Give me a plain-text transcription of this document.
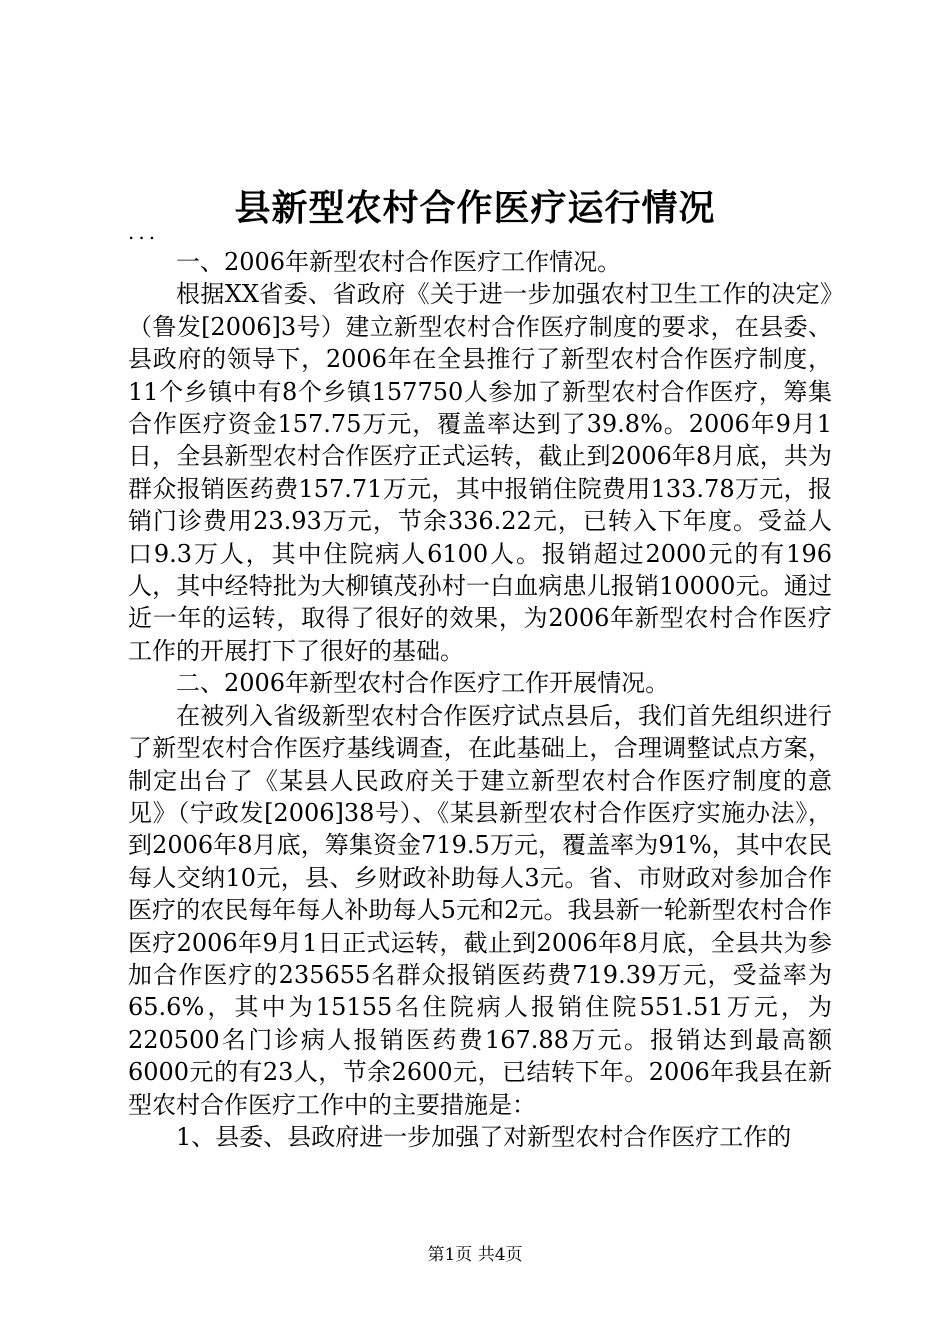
县新型农村合作医疗运行情况

...

一、2006年新型农村合作医疗工作情况。

根据XX省委、省政府《关于进一步加强农村卫生工作的决定》（鲁发[2006]3号）建立新型农村合作医疗制度的要求，在县委、县政府的领导下，2006年在全县推行了新型农村合作医疗制度，11个乡镇中有8个乡镇157750人参加了新型农村合作医疗，筹集合作医疗资金157.75万元，覆盖率达到了39.8%。2006年9月1日，全县新型农村合作医疗正式运转，截止到2006年8月底，共为群众报销医药费157.71万元，其中报销住院费用133.78万元，报销门诊费用23.93万元，节余336.22元，已转入下年度。受益人口9.3万人，其中住院病人6100人。报销超过2000元的有196人，其中经特批为大柳镇茂孙村一白血病患儿报销10000元。通过近一年的运转，取得了很好的效果，为2006年新型农村合作医疗工作的开展打下了很好的基础。

二、2006年新型农村合作医疗工作开展情况。

在被列入省级新型农村合作医疗试点县后，我们首先组织进行了新型农村合作医疗基线调查，在此基础上，合理调整试点方案，制定出台了《某县人民政府关于建立新型农村合作医疗制度的意见》（宁政发[2006]38号）、《某县新型农村合作医疗实施办法》，到2006年8月底，筹集资金719.5万元，覆盖率为91%，其中农民每人交纳10元，县、乡财政补助每人3元。省、市财政对参加合作医疗的农民每年每人补助每人5元和2元。我县新一轮新型农村合作医疗2006年9月1日正式运转，截止到2006年8月底，全县共为参加合作医疗的235655名群众报销医药费719.39万元，受益率为65.6%，其中为15155名住院病人报销住院551.51万元，为220500名门诊病人报销医药费167.88万元。报销达到最高额6000元的有23人，节余2600元，已结转下年。2006年我县在新型农村合作医疗工作中的主要措施是：

1、县委、县政府进一步加强了对新型农村合作医疗工作的

第1页 共4页
